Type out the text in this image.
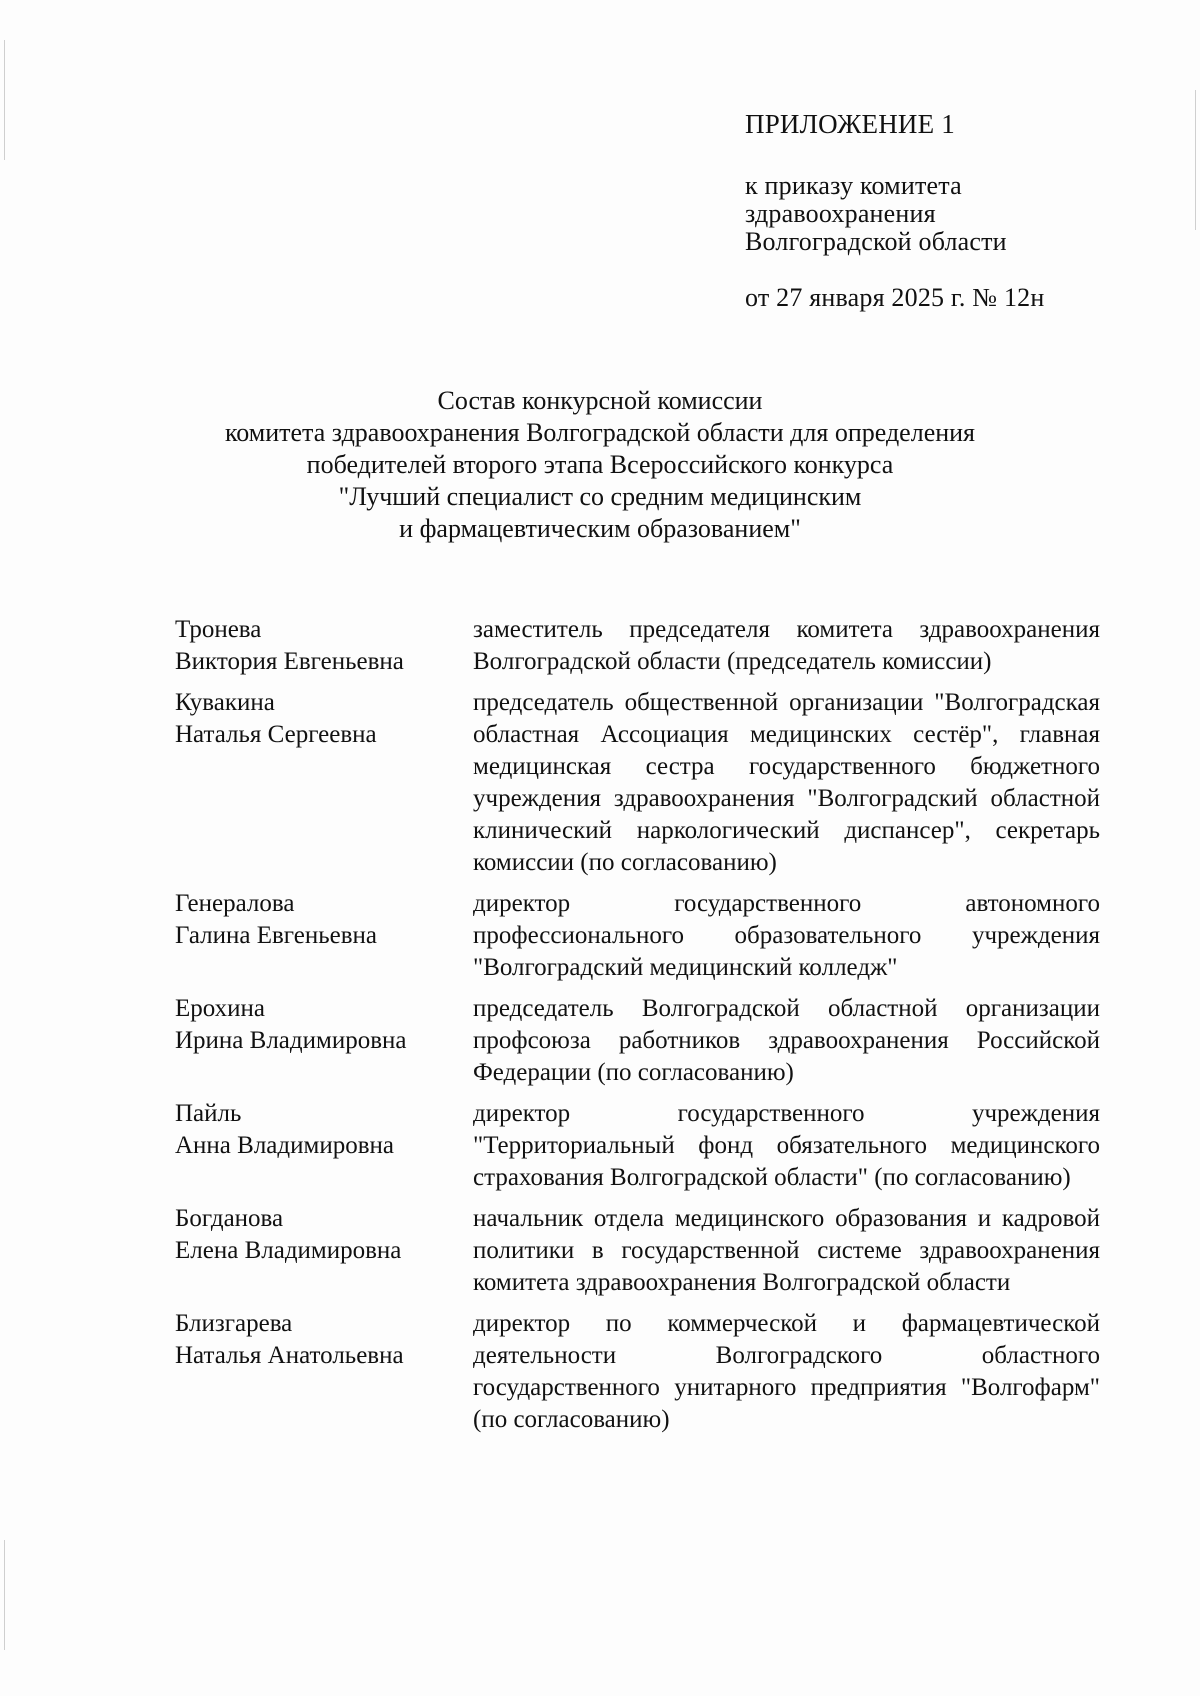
ПРИЛОЖЕНИЕ 1
к приказу комитета
здравоохранения
Волгоградской области
от 27 января 2025 г. № 12н
Состав конкурсной комиссии
комитета здравоохранения Волгоградской области для определения
победителей второго этапа Всероссийского конкурса
"Лучший специалист со средним медицинским
и фармацевтическим образованием"
Тронева
Виктория Евгеньевна
заместитель председателя комитета здравоохранения Волгоградской области (председатель комиссии)
Кувакина
Наталья Сергеевна
председатель общественной организации "Волгоградская областная Ассоциация медицинских сестёр", главная медицинская сестра государственного бюджетного учреждения здравоохранения "Волгоградский областной клинический наркологический диспансер", секретарь комиссии (по согласованию)
Генералова
Галина Евгеньевна
директор государственного автономного профессионального образовательного учреждения "Волгоградский медицинский колледж"
Ерохина
Ирина Владимировна
председатель Волгоградской областной организации профсоюза работников здравоохранения Российской Федерации (по согласованию)
Пайль
Анна Владимировна
директор государственного учреждения "Территориальный фонд обязательного медицинского страхования Волгоградской области" (по согласованию)
Богданова
Елена Владимировна
начальник отдела медицинского образования и кадровой политики в государственной системе здравоохранения комитета здравоохранения Волгоградской области
Близгарева
Наталья Анатольевна
директор по коммерческой и фармацевтической деятельности Волгоградского областного государственного унитарного предприятия "Волгофарм" (по согласованию)
